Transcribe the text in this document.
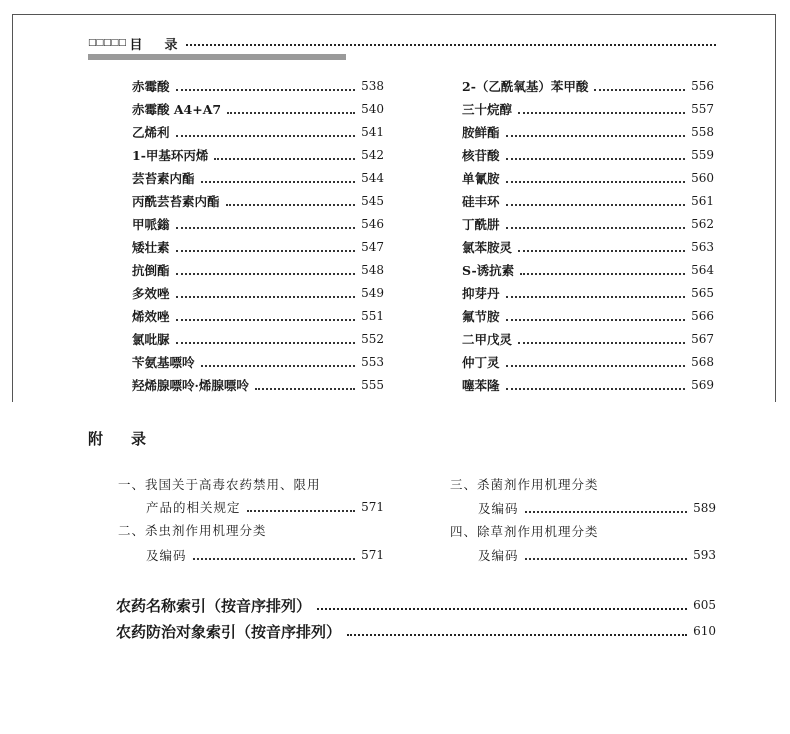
□□□□□ 目 录
赤霉酸	538
赤霉酸 A4+A7	540
乙烯利	541
1-甲基环丙烯	542
芸苔素内酯	544
丙酰芸苔素内酯	545
甲哌鎓	546
矮壮素	547
抗倒酯	548
多效唑	549
烯效唑	551
氯吡脲	552
苄氨基嘌呤	553
羟烯腺嘌呤·烯腺嘌呤	555
2-（乙酰氧基）苯甲酸	556
三十烷醇	557
胺鲜酯	558
核苷酸	559
单氰胺	560
硅丰环	561
丁酰肼	562
氯苯胺灵	563
S-诱抗素	564
抑芽丹	565
氟节胺	566
二甲戊灵	567
仲丁灵	568
噻苯隆	569
附 录
一、我国关于高毒农药禁用、限用
产品的相关规定	571
二、杀虫剂作用机理分类
及编码	571
三、杀菌剂作用机理分类
及编码	589
四、除草剂作用机理分类
及编码	593
农药名称索引（按音序排列）	605
农药防治对象索引（按音序排列）	610
